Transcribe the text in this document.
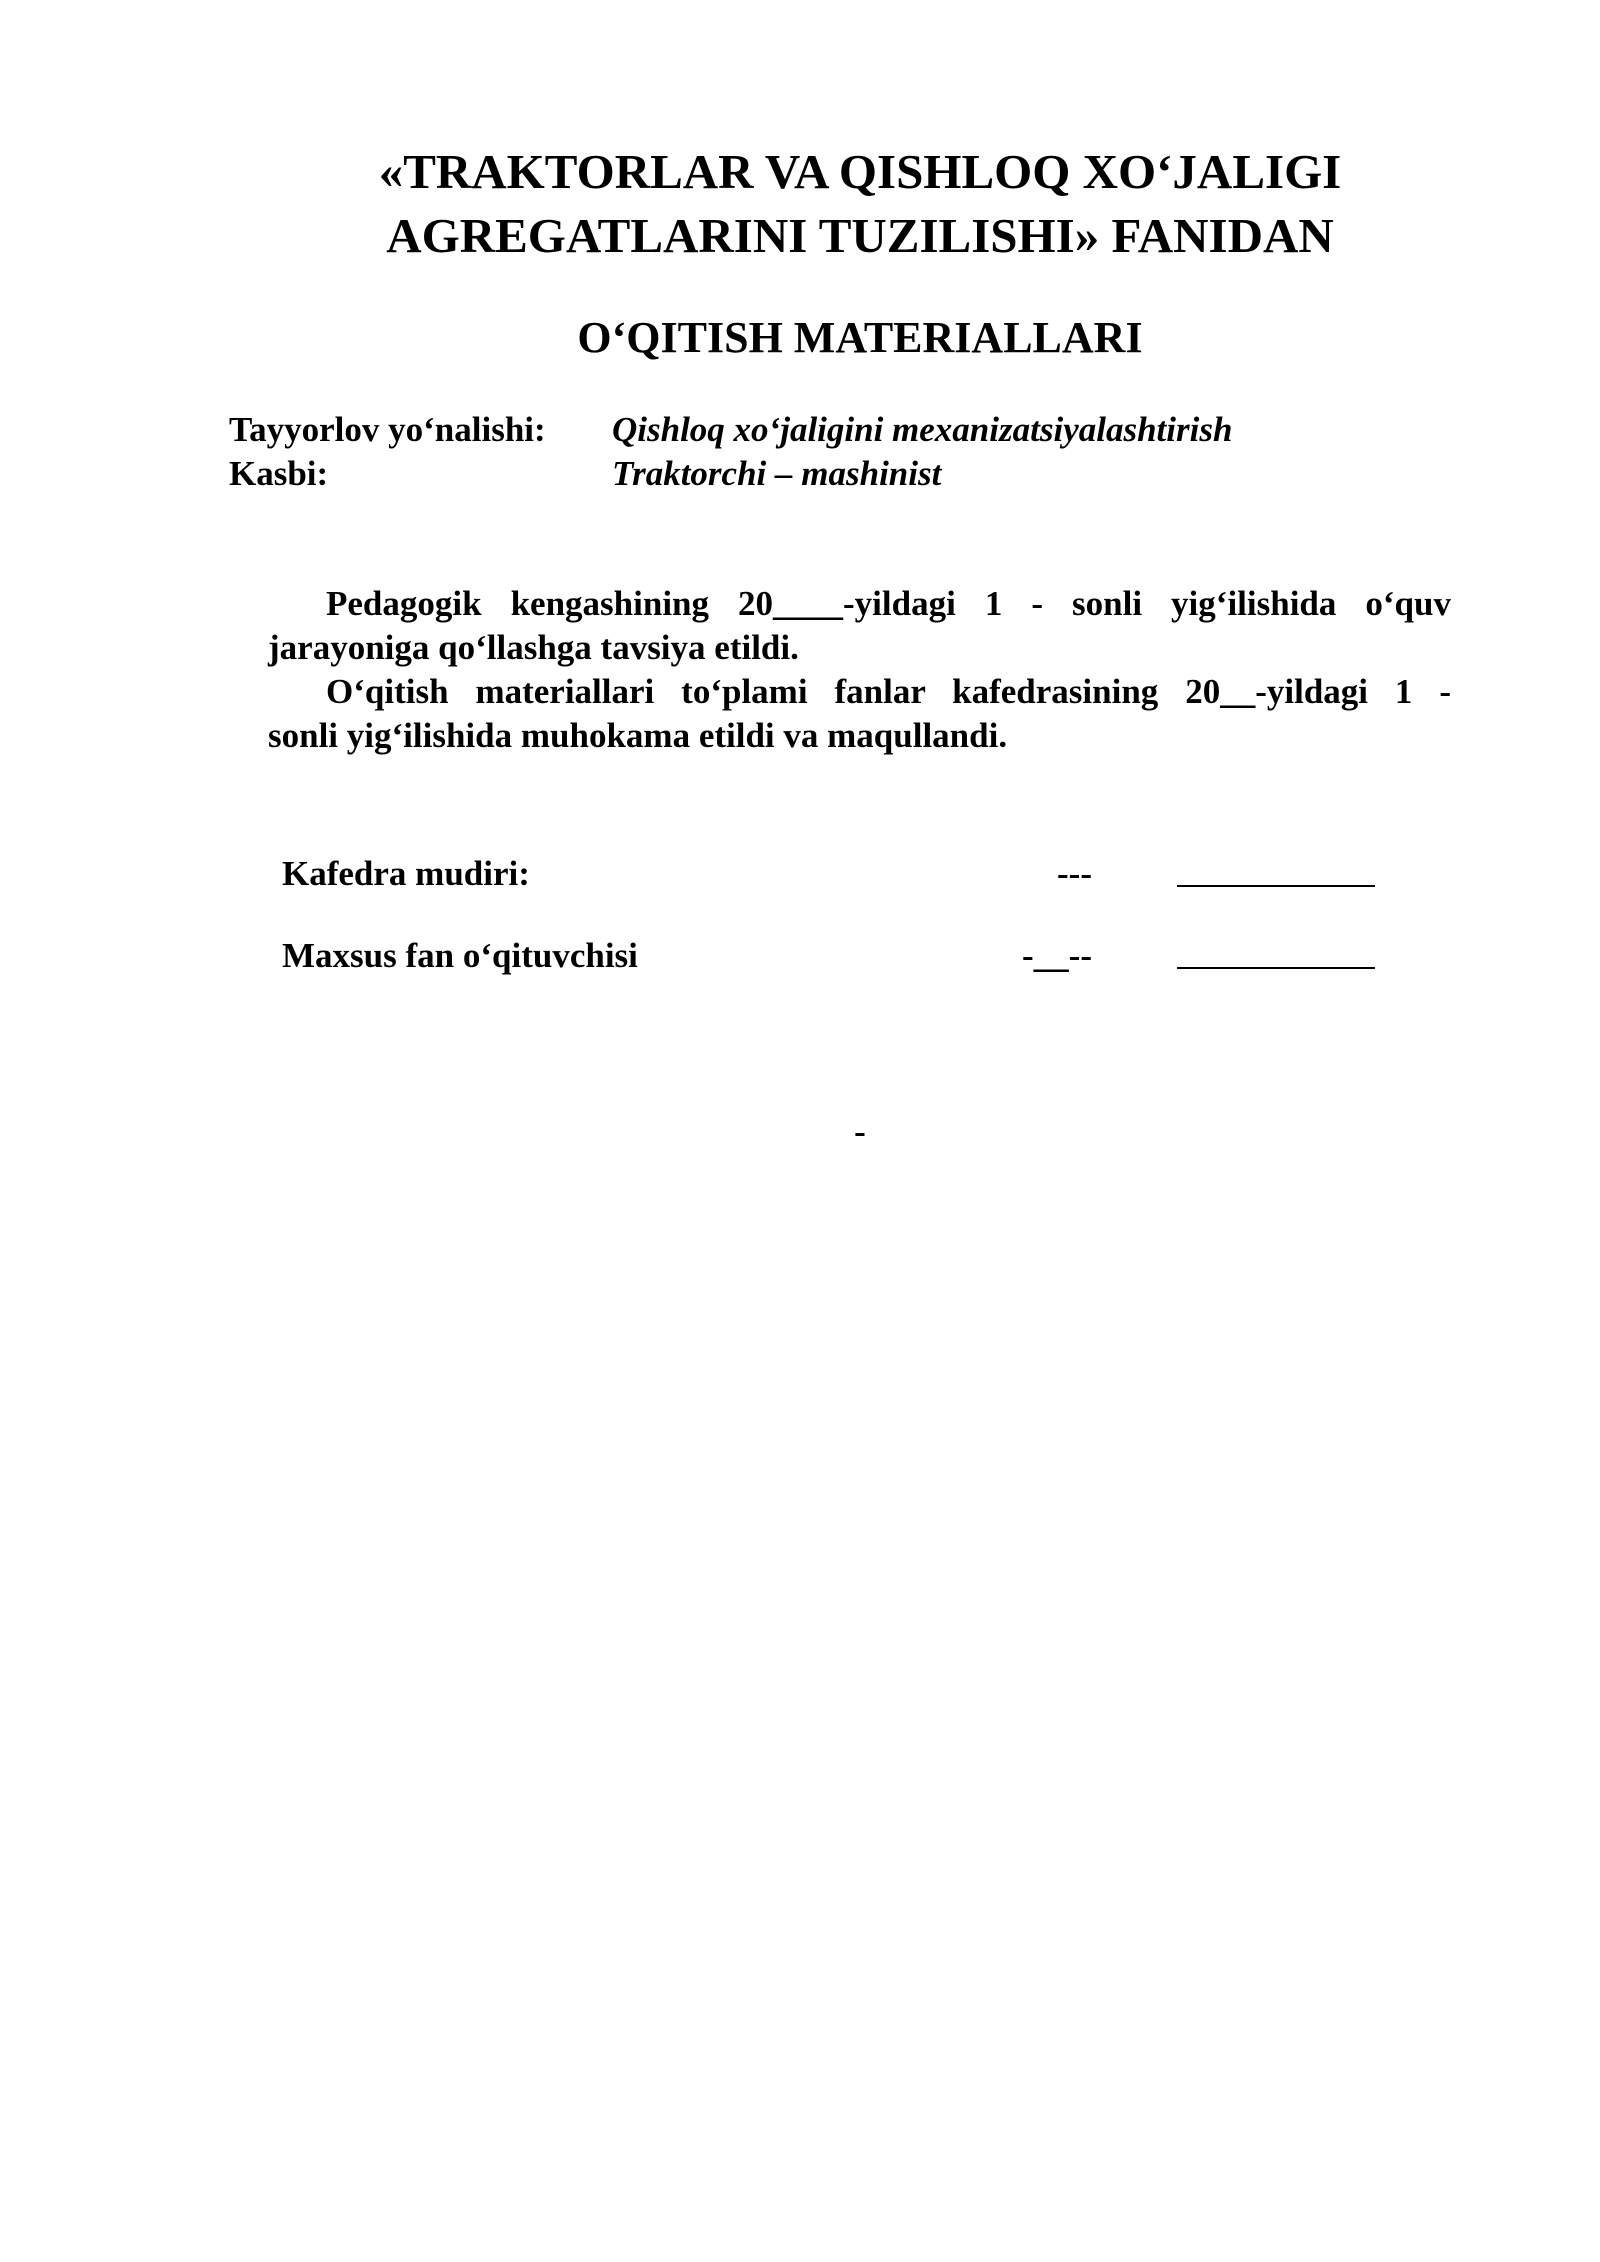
«TRAKTORLAR VA QISHLOQ XO‘JALIGI
AGREGATLARINI TUZILISHI» FANIDAN
O‘QITISH MATERIALLARI
Tayyorlov yo‘nalishi: Qishloq xo‘jaligini mexanizatsiyalashtirish
Kasbi:	Traktorchi – mashinist
Pedagogik kengashining 20____-yildagi 1 - sonli yig‘ilishida o‘quv
jarayoniga qo‘llashga tavsiya etildi.
O‘qitish materiallari to‘plami fanlar kafedrasining 20__-yildagi 1 -
sonli yig‘ilishida muhokama etildi va maqullandi.
Kafedra mudiri:	---
Maxsus fan o‘qituvchisi	-__--
-
